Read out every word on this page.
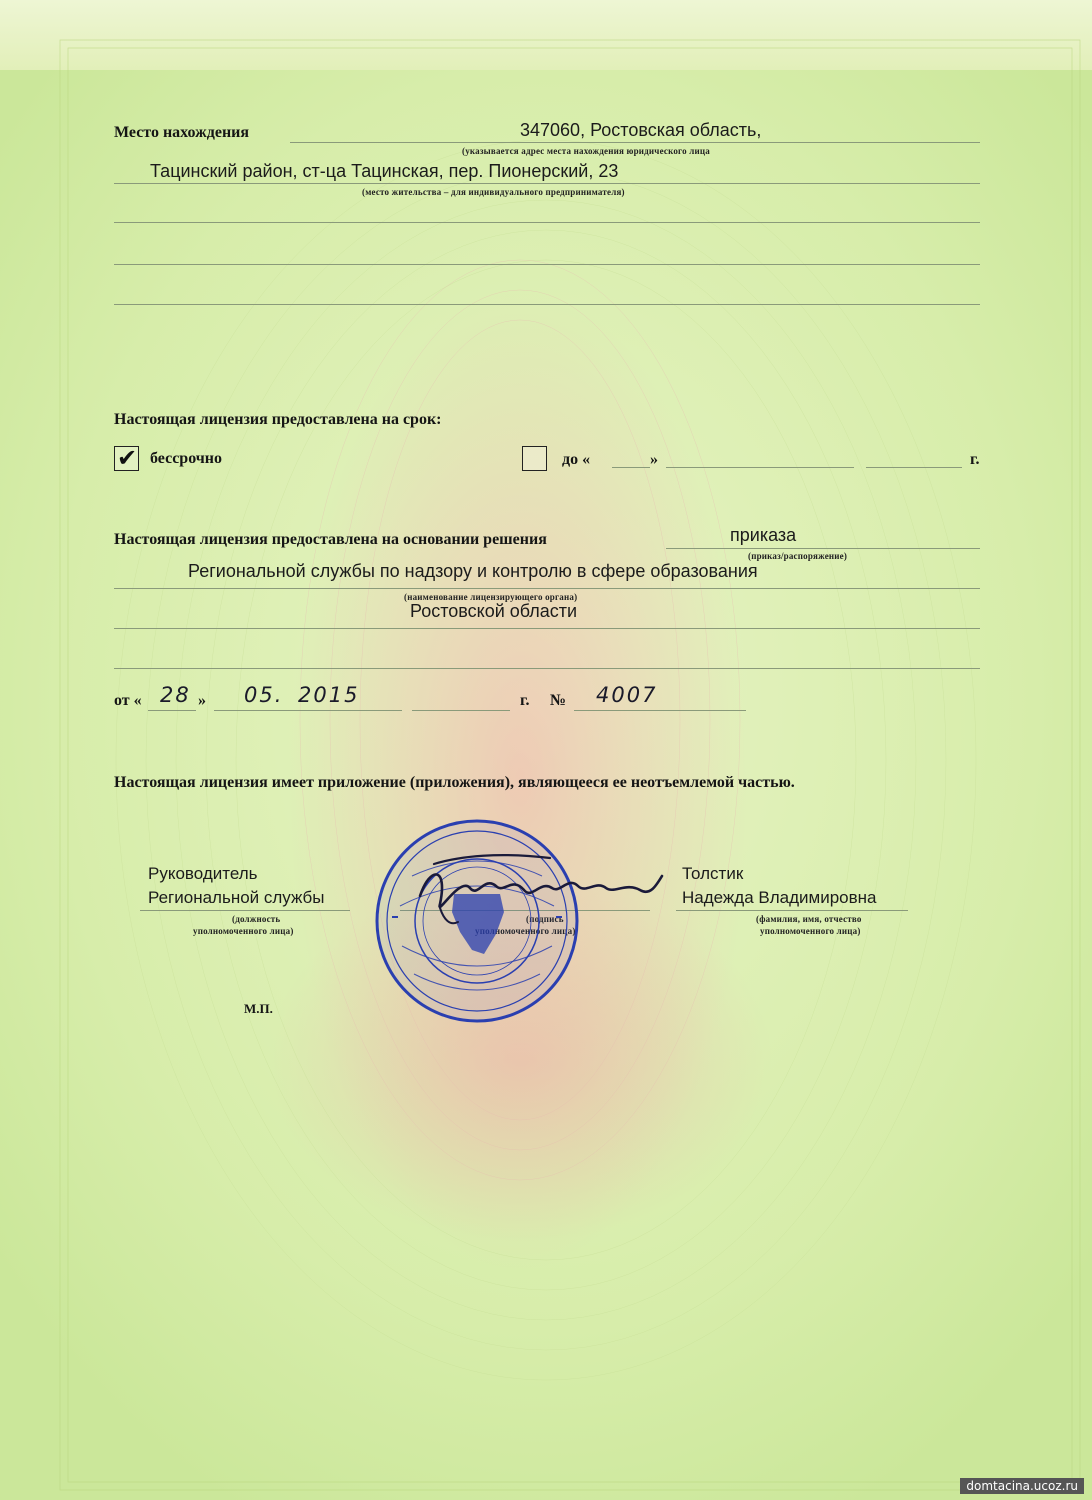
Место нахождения	347060, Ростовская область,
(указывается адрес места нахождения юридического лица
Тацинский район, ст-ца Тацинская, пер. Пионерский, 23
(место жительства – для индивидуального предпринимателя)
Настоящая лицензия предоставлена на срок:
✔ бессрочно	до «	»	г.
Настоящая лицензия предоставлена на основании решения	приказа
(приказ/распоряжение)
Региональной службы по надзору и контролю в сфере образования
(наименование лицензирующего органа)
Ростовской области
от « 28 » 05. 2015	г. № 4007
Настоящая лицензия имеет приложение (приложения), являющееся ее неотъемлемой частью.
Руководитель
Региональной службы
(должность
уполномоченного лица)
Толстик
Надежда Владимировна
(фамилия, имя, отчество
уполномоченного лица)
М.П.
domtacina.ucoz.ru
